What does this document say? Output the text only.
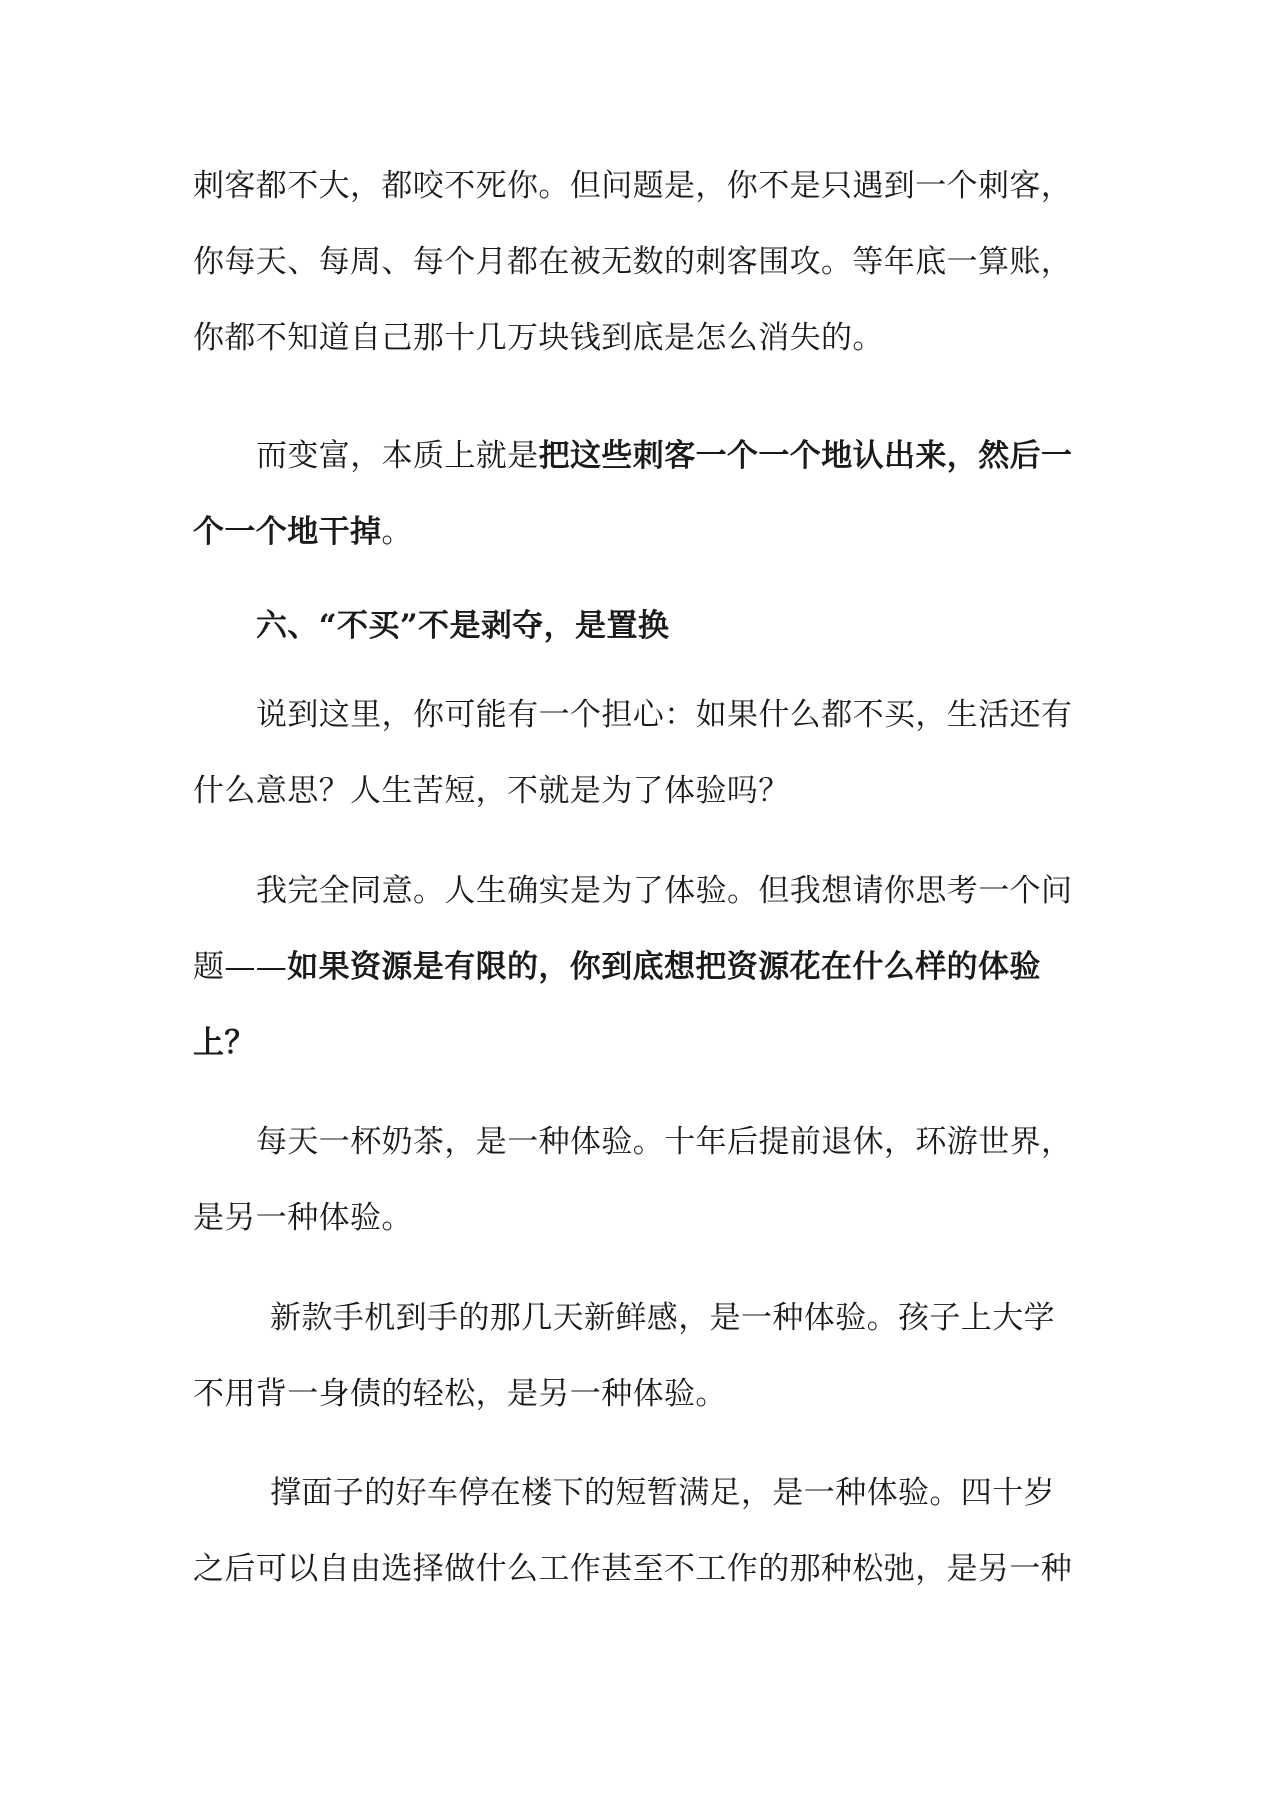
刺客都不大，都咬不死你。但问题是，你不是只遇到一个刺客，
你每天、每周、每个月都在被无数的刺客围攻。等年底一算账，
你都不知道自己那十几万块钱到底是怎么消失的。
而变富，本质上就是把这些刺客一个一个地认出来，然后一
个一个地干掉。
六、“不买”不是剥夺，是置换
说到这里，你可能有一个担心：如果什么都不买，生活还有
什么意思？人生苦短，不就是为了体验吗？
我完全同意。人生确实是为了体验。但我想请你思考一个问
题——如果资源是有限的，你到底想把资源花在什么样的体验
上？
每天一杯奶茶，是一种体验。十年后提前退休，环游世界，
是另一种体验。
新款手机到手的那几天新鲜感，是一种体验。孩子上大学
不用背一身债的轻松，是另一种体验。
撑面子的好车停在楼下的短暂满足，是一种体验。四十岁
之后可以自由选择做什么工作甚至不工作的那种松弛，是另一种
